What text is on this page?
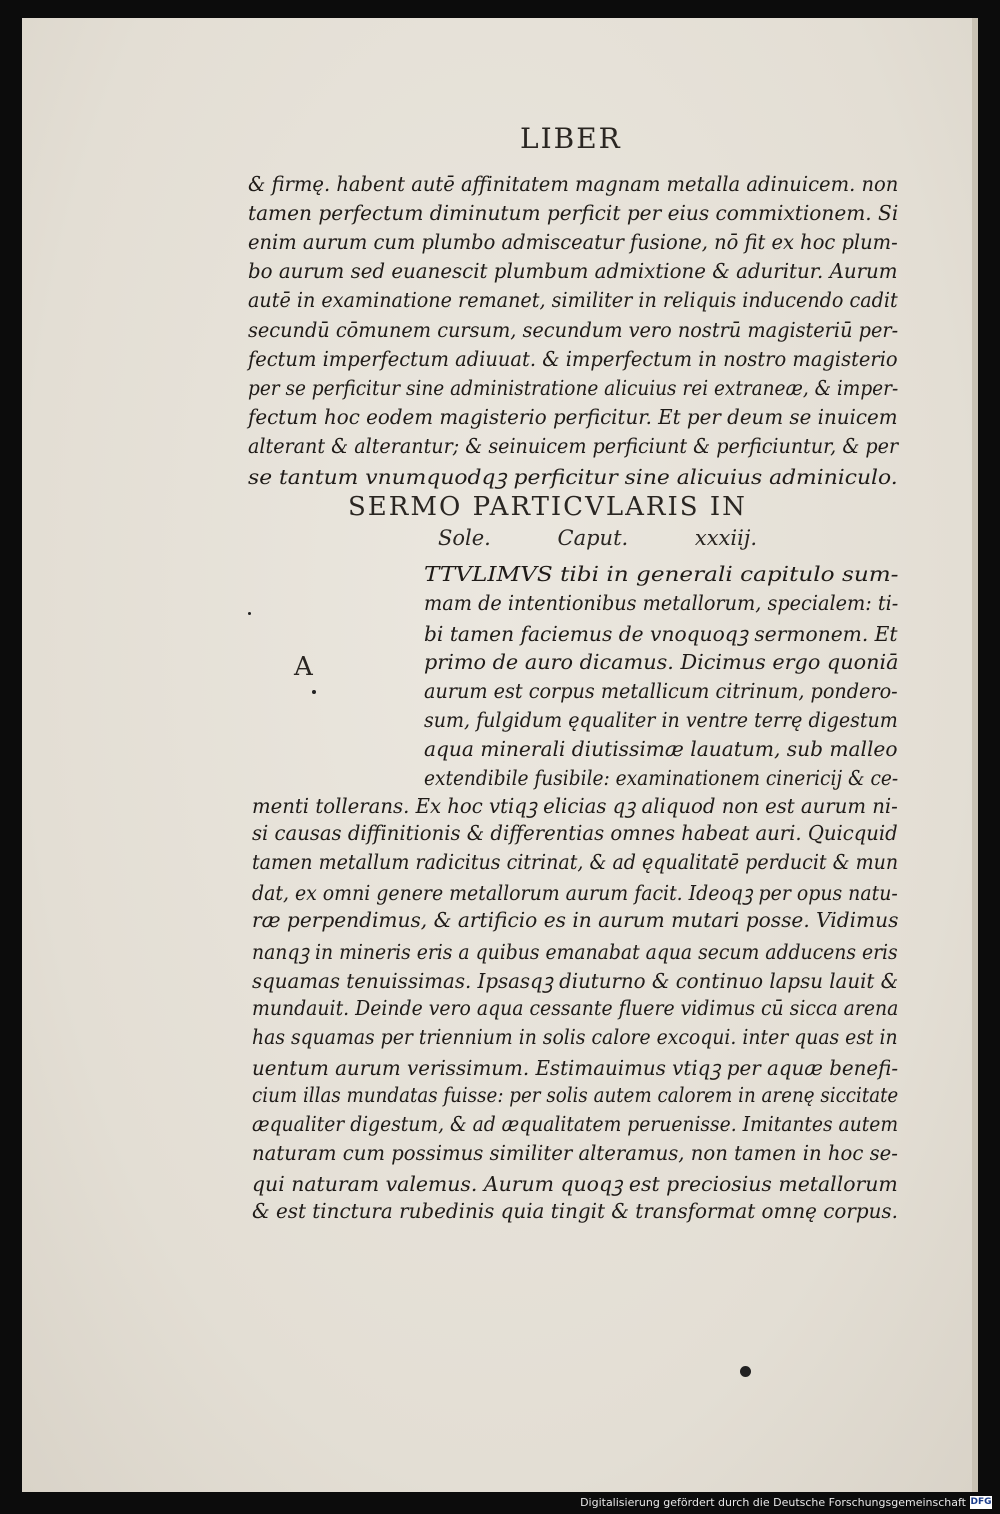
LIBER
& firmę. habent autē affinitatem magnam metalla adinuicem. non
tamen perfectum diminutum perficit per eius commixtionem. Si
enim aurum cum plumbo admisceatur fusione, nō fit ex hoc plum-
bo aurum sed euanescit plumbum admixtione & aduritur. Aurum
autē in examinatione remanet, similiter in reliquis inducendo cadit
secundū cōmunem cursum, secundum vero nostrū magisteriū per-
fectum imperfectum adiuuat. & imperfectum in nostro magisterio
per se perficitur sine administratione alicuius rei extraneæ, & imper-
fectum hoc eodem magisterio perficitur. Et per deum se inuicem
alterant & alterantur; & seinuicem perficiunt & perficiuntur, & per
se tantum vnumquodqꝫ perficitur sine alicuius adminiculo.
SERMO PARTICVLARIS IN
Sole. Caput. xxxiij.
A
TTVLIMVS tibi in generali capitulo sum-
mam de intentionibus metallorum, specialem: ti-
bi tamen faciemus de vnoquoqꝫ sermonem. Et
primo de auro dicamus. Dicimus ergo quoniā
aurum est corpus metallicum citrinum, pondero-
sum, fulgidum ęqualiter in ventre terrę digestum
aqua minerali diutissimæ lauatum, sub malleo
extendibile fusibile: examinationem cinericij & ce-
menti tollerans. Ex hoc vtiqꝫ elicias qꝫ aliquod non est aurum ni-
si causas diffinitionis & differentias omnes habeat auri. Quicquid
tamen metallum radicitus citrinat, & ad ęqualitatē perducit & mun
dat, ex omni genere metallorum aurum facit. Ideoqꝫ per opus natu-
ræ perpendimus, & artificio es in aurum mutari posse. Vidimus
nanqꝫ in mineris eris a quibus emanabat aqua secum adducens eris
squamas tenuissimas. Ipsasqꝫ diuturno & continuo lapsu lauit &
mundauit. Deinde vero aqua cessante fluere vidimus cū sicca arena
has squamas per triennium in solis calore excoqui. inter quas est in
uentum aurum verissimum. Estimauimus vtiqꝫ per aquæ benefi-
cium illas mundatas fuisse: per solis autem calorem in arenę siccitate
æqualiter digestum, & ad æqualitatem peruenisse. Imitantes autem
naturam cum possimus similiter alteramus, non tamen in hoc se-
qui naturam valemus. Aurum quoqꝫ est preciosius metallorum
& est tinctura rubedinis quia tingit & transformat omnę corpus.
Digitalisierung gefördert durch die Deutsche Forschungsgemeinschaft DFG
